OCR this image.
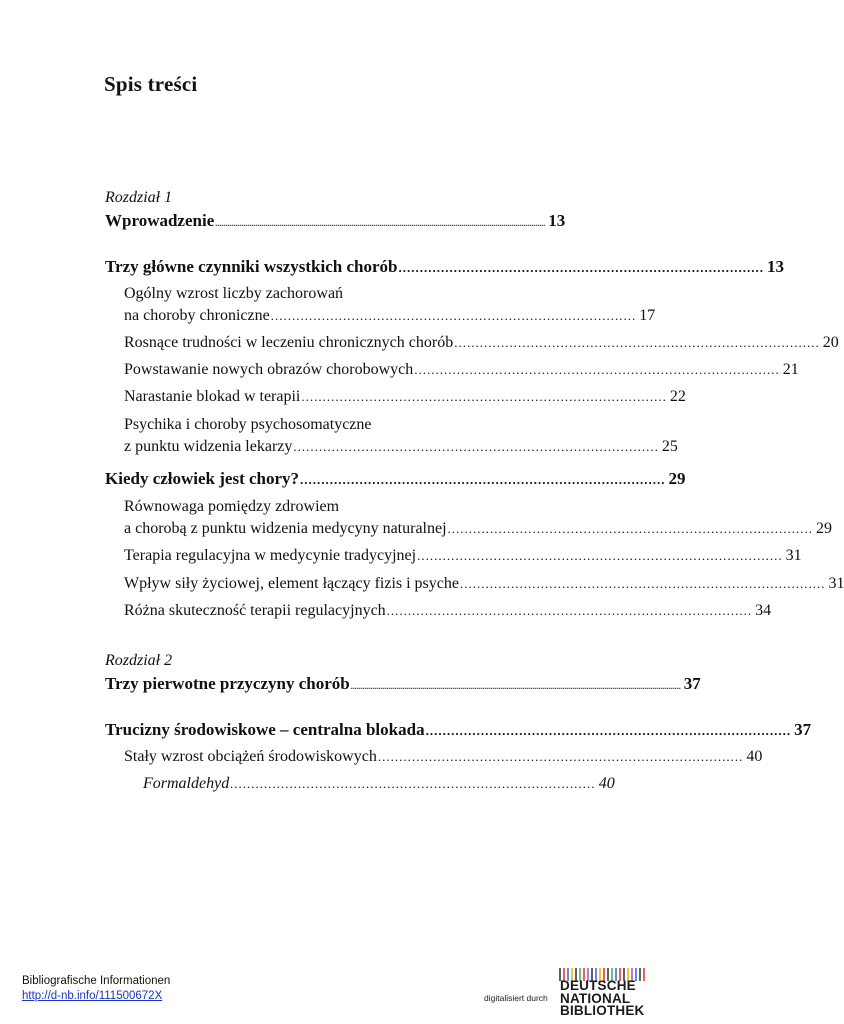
Spis treści
Rozdział 1
Wprowadzenie ..................................................................................................................................................................... 13
Trzy główne czynniki wszystkich chorób ...................................................................................... 13
Ogólny wzrost liczby zachorowań
na choroby chroniczne ...................................................................................... 17
Rosnące trudności w leczeniu chronicznych chorób ...................................................................................... 20
Powstawanie nowych obrazów chorobowych ...................................................................................... 21
Narastanie blokad w terapii ...................................................................................... 22
Psychika i choroby psychosomatyczne
z punktu widzenia lekarzy ...................................................................................... 25
Kiedy człowiek jest chory? ...................................................................................... 29
Równowaga pomiędzy zdrowiem
a chorobą z punktu widzenia medycyny naturalnej ...................................................................................... 29
Terapia regulacyjna w medycynie tradycyjnej ...................................................................................... 31
Wpływ siły życiowej, element łączący fizis i psyche ...................................................................................... 31
Różna skuteczność terapii regulacyjnych ...................................................................................... 34
Rozdział 2
Trzy pierwotne przyczyny chorób ..................................................................................................................................................................... 37
Trucizny środowiskowe – centralna blokada ...................................................................................... 37
Stały wzrost obciążeń środowiskowych ...................................................................................... 40
Formaldehyd ...................................................................................... 40
Bibliografische Informationen
http://d-nb.info/111500672X	digitalisiert durch
DEUTSCHE
NATIONAL
BIBLIOTHEK
